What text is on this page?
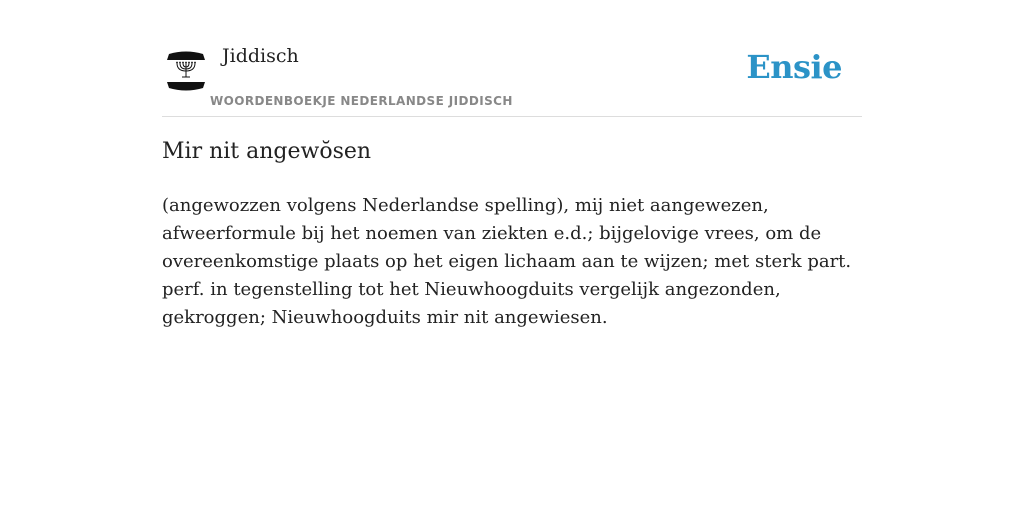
Jiddisch
WOORDENBOEKJE NEDERLANDSE JIDDISCH
Ensie
Mir nit angewŏsen

(angewozzen volgens Nederlandse spelling), mij niet aangewezen, afweerformule bij het noemen van ziekten e.d.; bijgelovige vrees, om de overeenkomstige plaats op het eigen lichaam aan te wijzen; met sterk part. perf. in tegenstelling tot het Nieuwhoogduits vergelijk angezonden, gekroggen; Nieuwhoogduits mir nit angewiesen.
